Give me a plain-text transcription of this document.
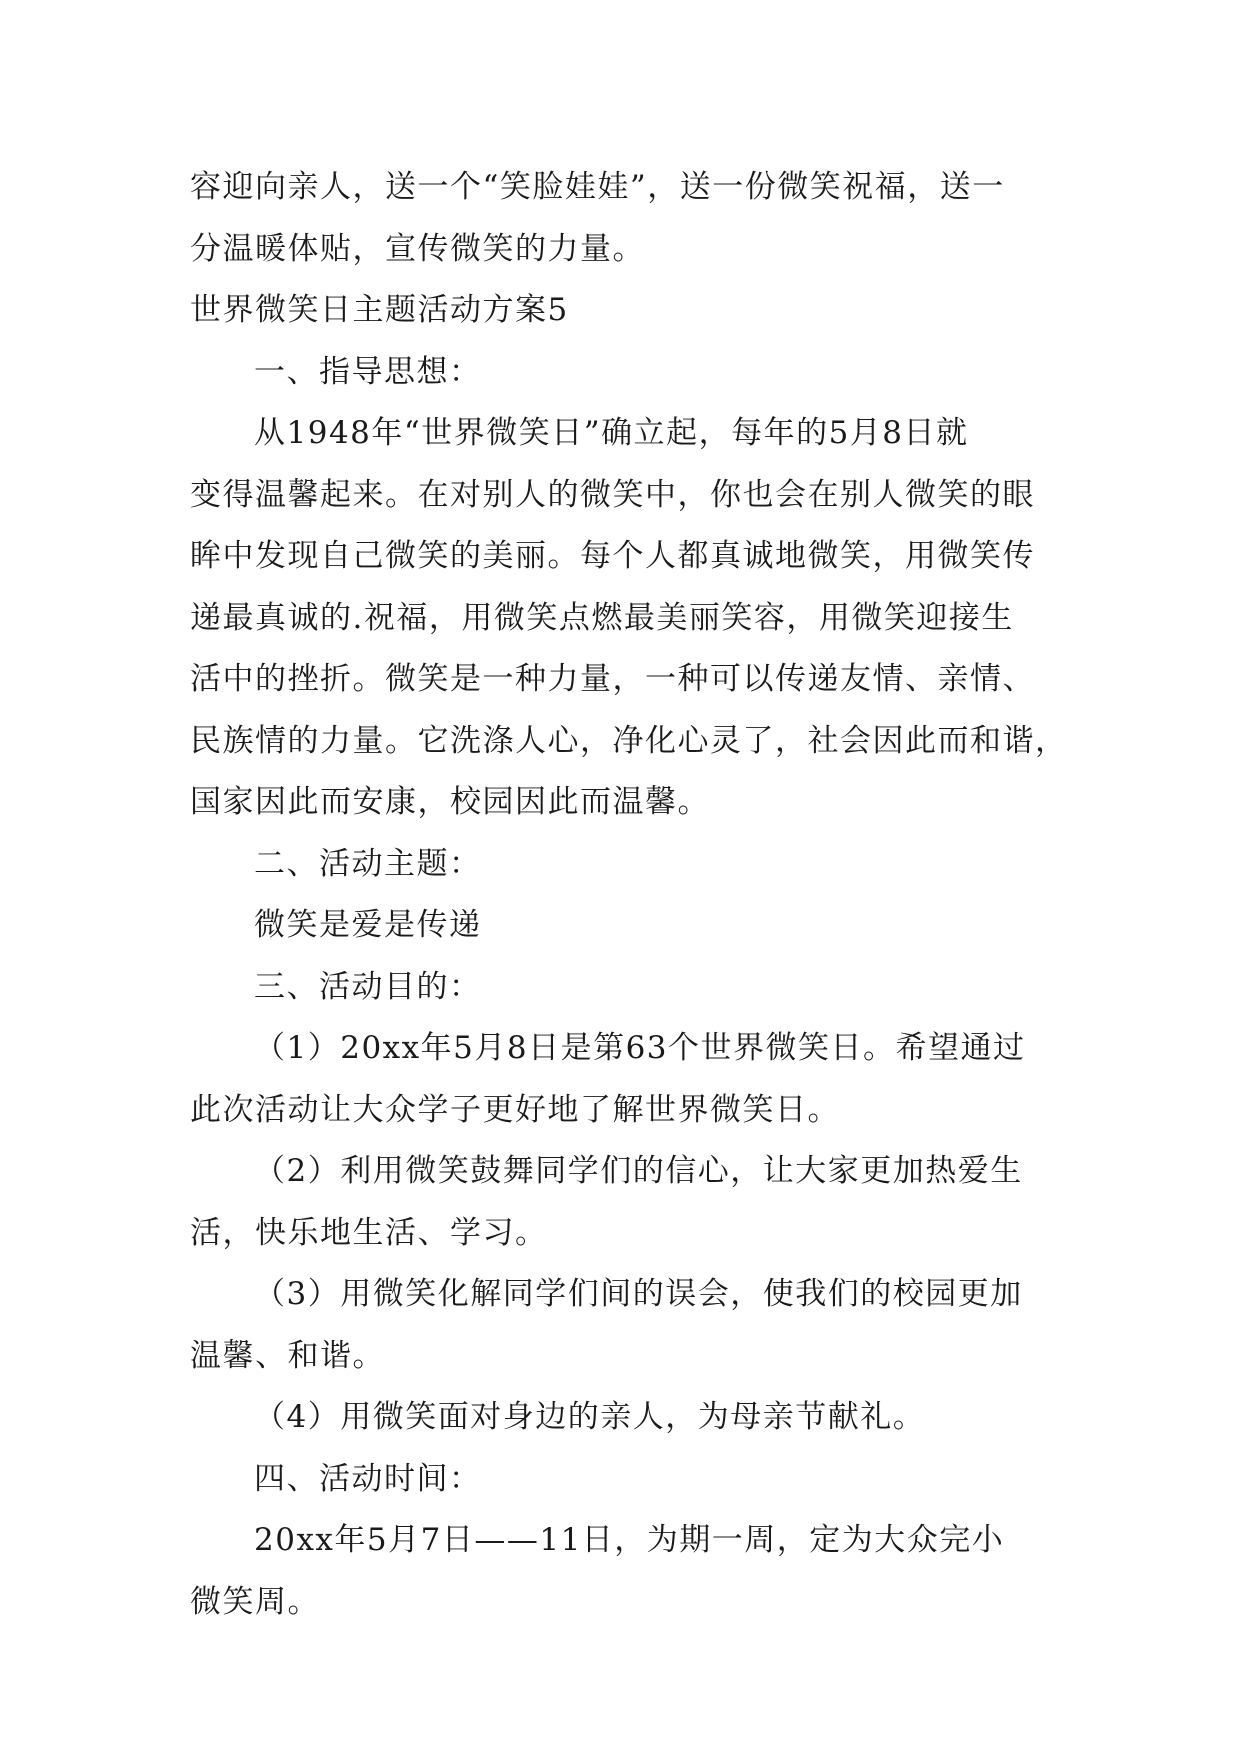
容迎向亲人，送一个“笑脸娃娃”，送一份微笑祝福，送一
分温暖体贴，宣传微笑的力量。
世界微笑日主题活动方案5
一、指导思想：
从1948年“世界微笑日”确立起，每年的5月8日就
变得温馨起来。在对别人的微笑中，你也会在别人微笑的眼
眸中发现自己微笑的美丽。每个人都真诚地微笑，用微笑传
递最真诚的.祝福，用微笑点燃最美丽笑容，用微笑迎接生
活中的挫折。微笑是一种力量，一种可以传递友情、亲情、
民族情的力量。它洗涤人心，净化心灵了，社会因此而和谐，
国家因此而安康，校园因此而温馨。
二、活动主题：
微笑是爱是传递
三、活动目的：
（1）20xx年5月8日是第63个世界微笑日。希望通过
此次活动让大众学子更好地了解世界微笑日。
（2）利用微笑鼓舞同学们的信心，让大家更加热爱生
活，快乐地生活、学习。
（3）用微笑化解同学们间的误会，使我们的校园更加
温馨、和谐。
（4）用微笑面对身边的亲人，为母亲节献礼。
四、活动时间：
20xx年5月7日——11日，为期一周，定为大众完小
微笑周。
